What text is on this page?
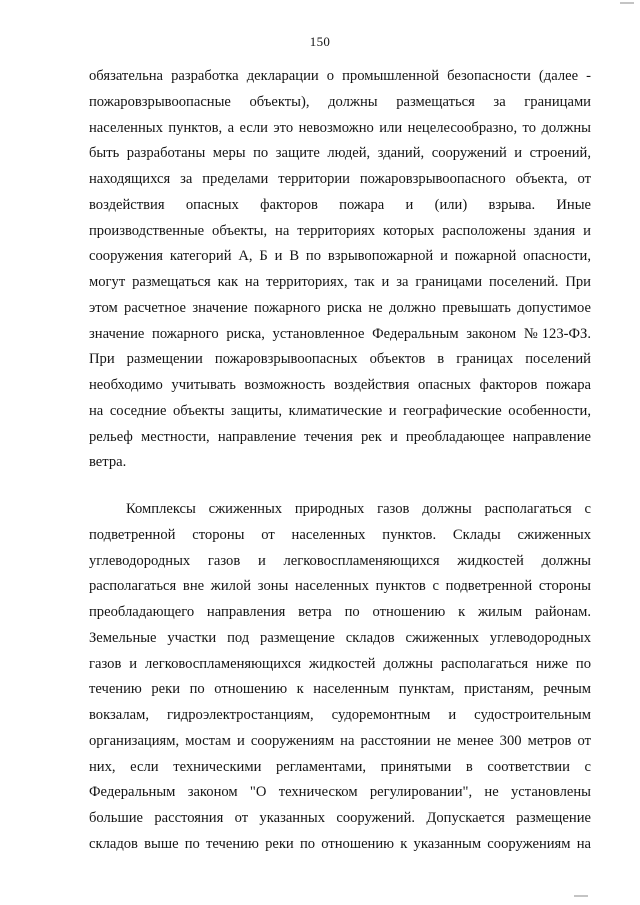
150
обязательна разработка декларации о промышленной безопасности (далее -
пожаровзрывоопасные объекты), должны размещаться за границами
населенных пунктов, а если это невозможно или нецелесообразно, то должны
быть разработаны меры по защите людей, зданий, сооружений и строений,
находящихся за пределами территории пожаровзрывоопасного объекта, от
воздействия опасных факторов пожара и (или) взрыва. Иные
производственные объекты, на территориях которых расположены здания и
сооружения категорий А, Б и В по взрывопожарной и пожарной опасности,
могут размещаться как на территориях, так и за границами поселений. При
этом расчетное значение пожарного риска не должно превышать допустимое
значение пожарного риска, установленное Федеральным законом №123-ФЗ.
При размещении пожаровзрывоопасных объектов в границах поселений
необходимо учитывать возможность воздействия опасных факторов пожара
на соседние объекты защиты, климатические и географические особенности,
рельеф местности, направление течения рек и преобладающее направление
ветра.
Комплексы сжиженных природных газов должны располагаться с
подветренной стороны от населенных пунктов. Склады сжиженных
углеводородных газов и легковоспламеняющихся жидкостей должны
располагаться вне жилой зоны населенных пунктов с подветренной стороны
преобладающего направления ветра по отношению к жилым районам.
Земельные участки под размещение складов сжиженных углеводородных
газов и легковоспламеняющихся жидкостей должны располагаться ниже по
течению реки по отношению к населенным пунктам, пристаням, речным
вокзалам, гидроэлектростанциям, судоремонтным и судостроительным
организациям, мостам и сооружениям на расстоянии не менее 300 метров от
них, если техническими регламентами, принятыми в соответствии с
Федеральным законом "О техническом регулировании", не установлены
большие расстояния от указанных сооружений. Допускается размещение
складов выше по течению реки по отношению к указанным сооружениям на
